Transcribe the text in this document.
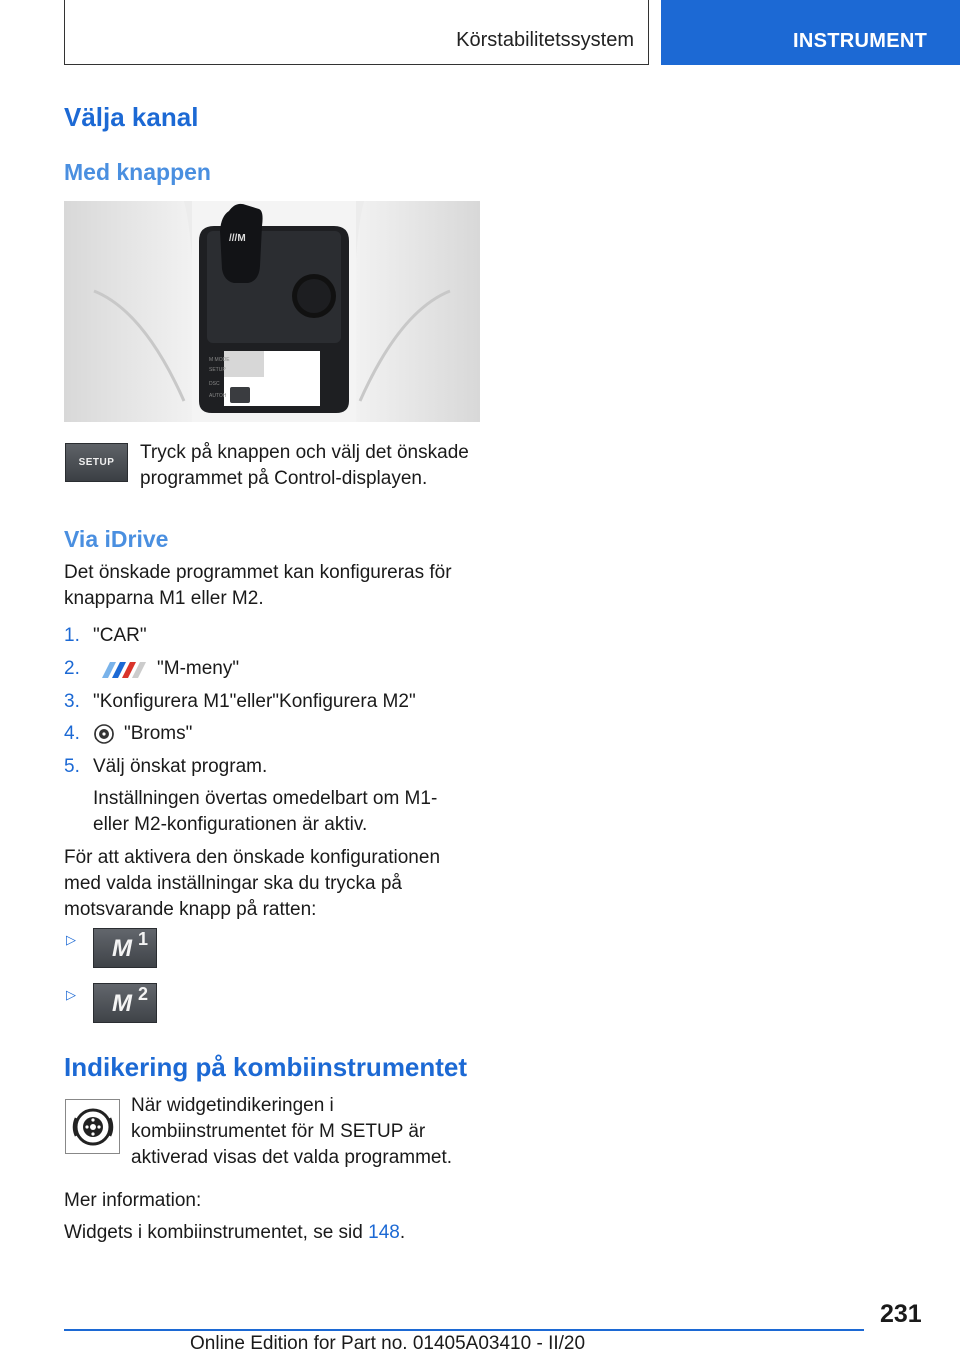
Körstabilitetssystem	INSTRUMENT
Välja kanal
Med knappen
///M
M MODE
SETUP
DSC
AUTOH
SETUP Tryck på knappen och välj det önskade programmet på Control-displayen.
Via iDrive
Det önskade programmet kan konfigureras för knapparna M1 eller M2.
1. "CAR"
2.	"M-meny"
3. "Konfigurera M1"eller"Konfigurera M2"
4. "Broms"
5. Välj önskat program.
Inställningen övertas omedelbart om M1- eller M2-konfigurationen är aktiv.
För att aktivera den önskade konfigurationen med valda inställningar ska du trycka på motsvarande knapp på ratten:
▷ M 1
▷ M 2
Indikering på kombiinstrumentet
När widgetindikeringen i kombiinstrumentet för M SETUP är aktiverad visas det valda programmet.
Mer information:
Widgets i kombiinstrumentet, se sid 148.
231
Online Edition for Part no. 01405A03410 - II/20
